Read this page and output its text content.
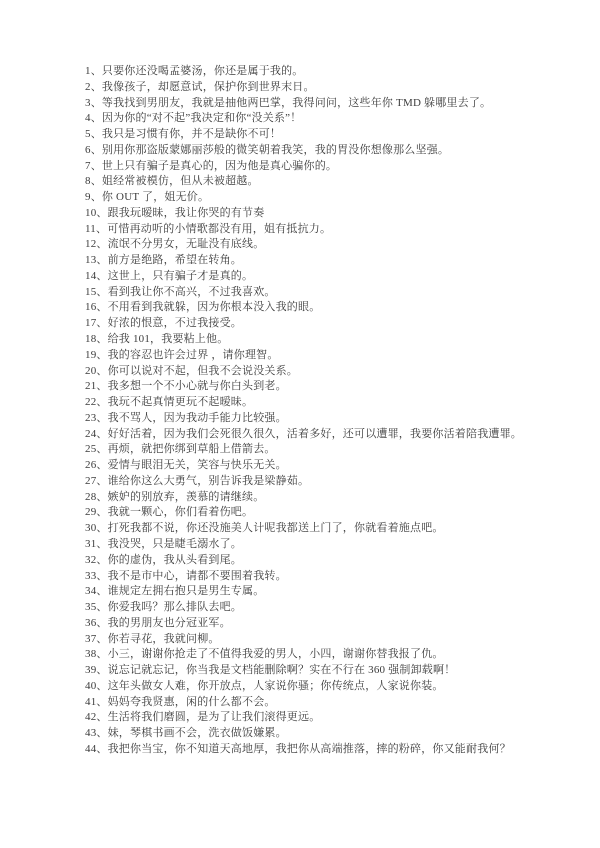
1、只要你还没喝孟婆汤，你还是属于我的。
2、我像孩子，却愿意试，保护你到世界末日。
3、等我找到男朋友，我就是抽他两巴掌，我得问问，这些年你 TMD 躲哪里去了。
4、因为你的“对不起”我决定和你“没关系”！
5、我只是习惯有你，并不是缺你不可！
6、别用你那盗版蒙娜丽莎般的微笑朝着我笑，我的胃没你想像那么坚强。
7、世上只有骗子是真心的，因为他是真心骗你的。
8、姐经常被模仿，但从未被超越。
9、你 OUT 了，姐无价。
10、跟我玩暧昧，我让你哭的有节奏
11、可惜再动听的小情歌都没有用，姐有抵抗力。
12、流氓不分男女，无耻没有底线。
13、前方是绝路，希望在转角。
14、这世上，只有骗子才是真的。
15、看到我让你不高兴，不过我喜欢。
16、不用看到我就躲，因为你根本没入我的眼。
17、好浓的恨意，不过我接受。
18、给我 101，我要粘上他。
19、我的容忍也许会过界 ，请你理智。
20、你可以说对不起，但我不会说没关系。
21、我多想一个不小心就与你白头到老。
22、我玩不起真情更玩不起暧昧。
23、我不骂人，因为我动手能力比较强。
24、好好活着，因为我们会死很久很久，活着多好，还可以遭罪，我要你活着陪我遭罪。
25、再烦，就把你绑到草船上借箭去。
26、爱情与眼泪无关，笑容与快乐无关。
27、谁给你这么大勇气，别告诉我是梁静茹。
28、嫉妒的别放弃，羡慕的请继续。
29、我就一颗心，你们看着伤吧。
30、打死我都不说，你还没施美人计呢我都送上门了，你就看着施点吧。
31、我没哭，只是睫毛溺水了。
32、你的虚伪，我从头看到尾。
33、我不是市中心，请都不要围着我转。
34、谁规定左拥右抱只是男生专属。
35、你爱我吗？那么排队去吧。
36、我的男朋友也分冠亚军。
37、你若寻花，我就问柳。
38、小三，谢谢你抢走了不值得我爱的男人，小四，谢谢你替我报了仇。
39、说忘记就忘记，你当我是文档能删除啊？实在不行在 360 强制卸载啊！
40、这年头做女人难，你开放点，人家说你骚；你传统点，人家说你装。
41、妈妈夸我贤惠，闲的什么都不会。
42、生活将我们磨圆，是为了让我们滚得更远。
43、妹，琴棋书画不会，洗衣做饭嫌累。
44、我把你当宝，你不知道天高地厚，我把你从高端推落，摔的粉碎，你又能耐我何？
